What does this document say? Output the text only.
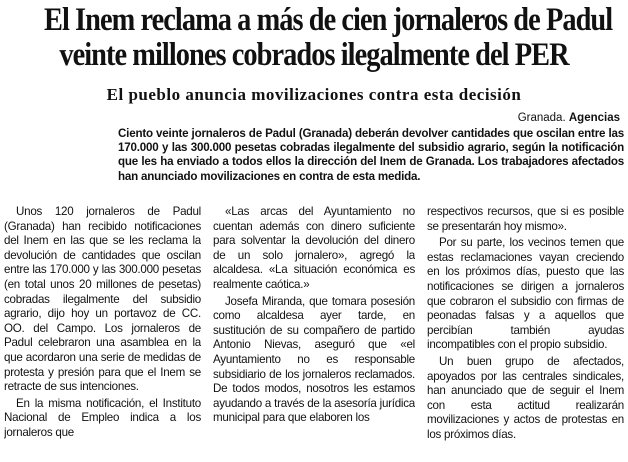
El Inem reclama a más de cien jornaleros de Padul
veinte millones cobrados ilegalmente del PER
El pueblo anuncia movilizaciones contra esta decisión
Granada. Agencias
Ciento veinte jornaleros de Padul (Granada) deberán devolver cantidades que oscilan entre las 170.000 y las 300.000 pesetas cobradas ilegalmente del subsidio agrario, según la notificación que les ha enviado a todos ellos la dirección del Inem de Granada. Los trabajadores afectados han anunciado movilizaciones en contra de esta medida.

Unos 120 jornaleros de Padul (Granada) han recibido notificaciones del Inem en las que se les reclama la devolución de cantidades que oscilan entre las 170.000 y las 300.000 pesetas (en total unos 20 millones de pesetas) cobradas ilegalmente del subsidio agrario, dijo hoy un portavoz de CC. OO. del Campo. Los jornaleros de Padul celebraron una asamblea en la que acordaron una serie de medidas de protesta y presión para que el Inem se retracte de sus intenciones.

En la misma notificación, el Instituto Nacional de Empleo indica a los jornaleros que

«Las arcas del Ayuntamiento no cuentan además con dinero suficiente para solventar la devolución del dinero de un solo jornalero», agregó la alcaldesa. «La situación económica es realmente caótica.»

Josefa Miranda, que tomara posesión como alcaldesa ayer tarde, en sustitución de su compañero de partido Antonio Nievas, aseguró que «el Ayuntamiento no es responsable subsidiario de los jornaleros reclamados. De todos modos, nosotros les estamos ayudando a través de la asesoría jurídica municipal para que elaboren los

respectivos recursos, que si es posible se presentarán hoy mismo».

Por su parte, los vecinos temen que estas reclamaciones vayan creciendo en los próximos días, puesto que las notificaciones se dirigen a jornaleros que cobraron el subsidio con firmas de peonadas falsas y a aquellos que percibían también ayudas incompatibles con el propio subsidio.

Un buen grupo de afectados, apoyados por las centrales sindicales, han anunciado que de seguir el Inem con esta actitud realizarán movilizaciones y actos de protestas en los próximos días.
